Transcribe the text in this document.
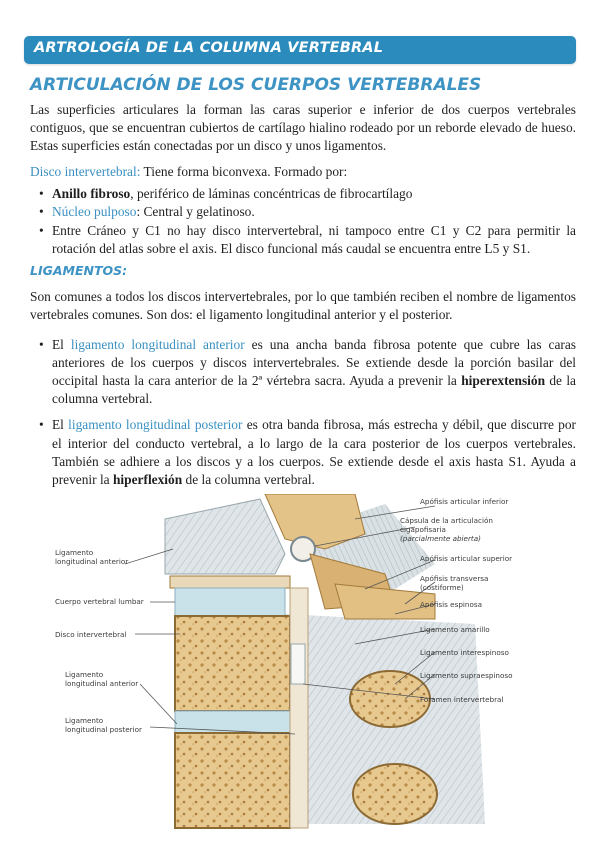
ARTROLOGÍA DE LA COLUMNA VERTEBRAL
ARTICULACIÓN DE LOS CUERPOS VERTEBRALES

Las superficies articulares la forman las caras superior e inferior de dos cuerpos vertebrales contiguos, que se encuentran cubiertos de cartílago hialino rodeado por un reborde elevado de hueso. Estas superficies están conectadas por un disco y unos ligamentos.

Disco intervertebral: Tiene forma biconvexa. Formado por:

• Anillo fibroso, periférico de láminas concéntricas de fibrocartílago
• Núcleo pulposo: Central y gelatinoso.
• Entre Cráneo y C1 no hay disco intervertebral, ni tampoco entre C1 y C2 para permitir la rotación del atlas sobre el axis. El disco funcional más caudal se encuentra entre L5 y S1.
LIGAMENTOS:

Son comunes a todos los discos intervertebrales, por lo que también reciben el nombre de ligamentos vertebrales comunes. Son dos: el ligamento longitudinal anterior y el posterior.

• El ligamento longitudinal anterior es una ancha banda fibrosa potente que cubre las caras anteriores de los cuerpos y discos intervertebrales. Se extiende desde la porción basilar del occipital hasta la cara anterior de la 2ª vértebra sacra. Ayuda a prevenir la hiperextensión de la columna vertebral.
• El ligamento longitudinal posterior es otra banda fibrosa, más estrecha y débil, que discurre por el interior del conducto vertebral, a lo largo de la cara posterior de los cuerpos vertebrales. También se adhiere a los discos y a los cuerpos. Se extiende desde el axis hasta S1. Ayuda a prevenir la hiperflexión de la columna vertebral.
Apófisis articular inferior
Cápsula de la articulación
cigapofisaria
(parcialmente abierta)
Apófisis articular superior
Apófisis transversa
(costiforme)
Apófisis espinosa
Ligamento amarillo
Ligamento interespinoso
Ligamento supraespinoso
Foramen intervertebral
Ligamento
longitudinal anterior
Cuerpo vertebral lumbar
Disco intervertebral
Ligamento
longitudinal anterior
Ligamento
longitudinal posterior
